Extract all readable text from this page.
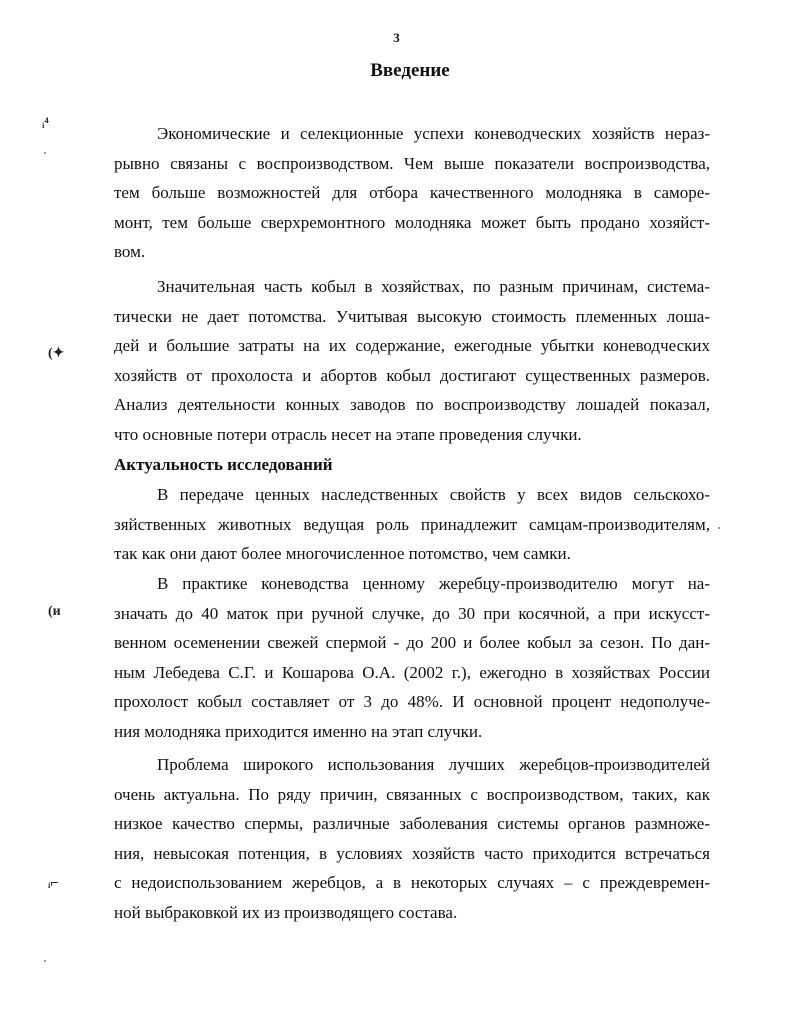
3
Введение
ᵢ⁴
(✦
(ᴎ
ᵢ⌐
Экономические и селекционные успехи коневодческих хозяйств нераз-
рывно связаны с воспроизводством. Чем выше показатели воспроизводства,
тем больше возможностей для отбора качественного молодняка в саморе-
монт, тем больше сверхремонтного молодняка может быть продано хозяйст-
вом.
Значительная часть кобыл в хозяйствах, по разным причинам, система-
тически не дает потомства. Учитывая высокую стоимость племенных лоша-
дей и большие затраты на их содержание, ежегодные убытки коневодческих
хозяйств от прохолоста и абортов кобыл достигают существенных размеров.
Анализ деятельности конных заводов по воспроизводству лошадей показал,
что основные потери отрасль несет на этапе проведения случки.
Актуальность исследований
В передаче ценных наследственных свойств у всех видов сельскохо-
зяйственных животных ведущая роль принадлежит самцам-производителям,
так как они дают более многочисленное потомство, чем самки.
В практике коневодства ценному жеребцу-производителю могут на-
значать до 40 маток при ручной случке, до 30 при косячной, а при искусст-
венном осеменении свежей спермой - до 200 и более кобыл за сезон. По дан-
ным Лебедева С.Г. и Кошарова О.А. (2002 г.), ежегодно в хозяйствах России
прохолост кобыл составляет от 3 до 48%. И основной процент недополуче-
ния молодняка приходится именно на этап случки.
Проблема широкого использования лучших жеребцов-производителей
очень актуальна. По ряду причин, связанных с воспроизводством, таких, как
низкое качество спермы, различные заболевания системы органов размноже-
ния, невысокая потенция, в условиях хозяйств часто приходится встречаться
с недоиспользованием жеребцов, а в некоторых случаях – с преждевремен-
ной выбраковкой их из производящего состава.
